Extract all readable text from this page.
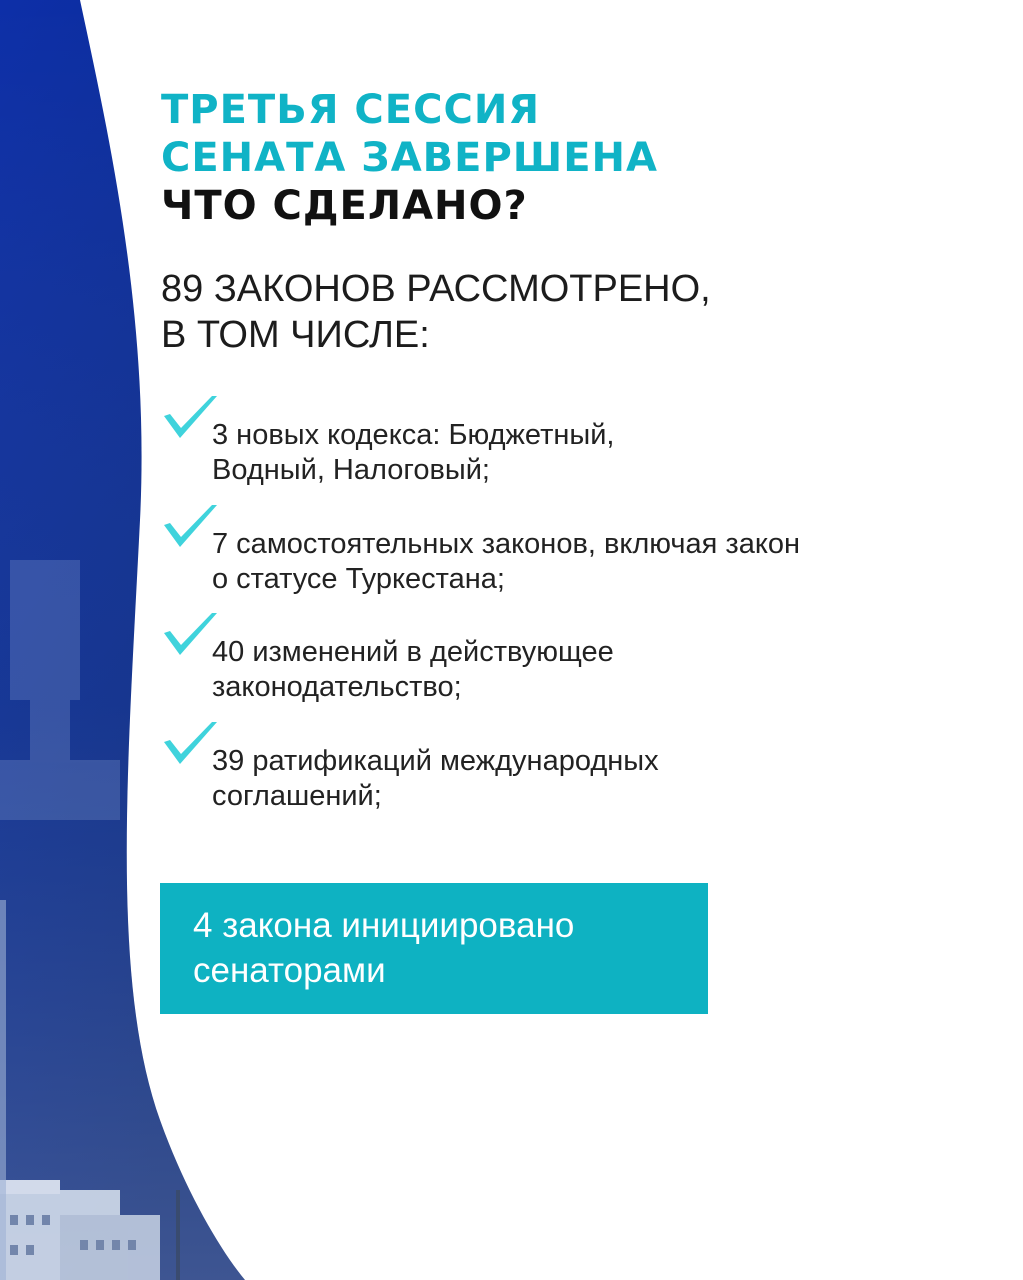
ТРЕТЬЯ СЕССИЯ
СЕНАТА ЗАВЕРШЕНА
ЧТО СДЕЛАНО?
89 ЗАКОНОВ РАССМОТРЕНО,
В ТОМ ЧИСЛЕ:
3 новых кодекса: Бюджетный,
Водный, Налоговый;
7 самостоятельных законов, включая закон
о статусе Туркестана;
40 изменений в действующее
законодательство;
39 ратификаций международных
соглашений;
4 закона инициировано
сенаторами
